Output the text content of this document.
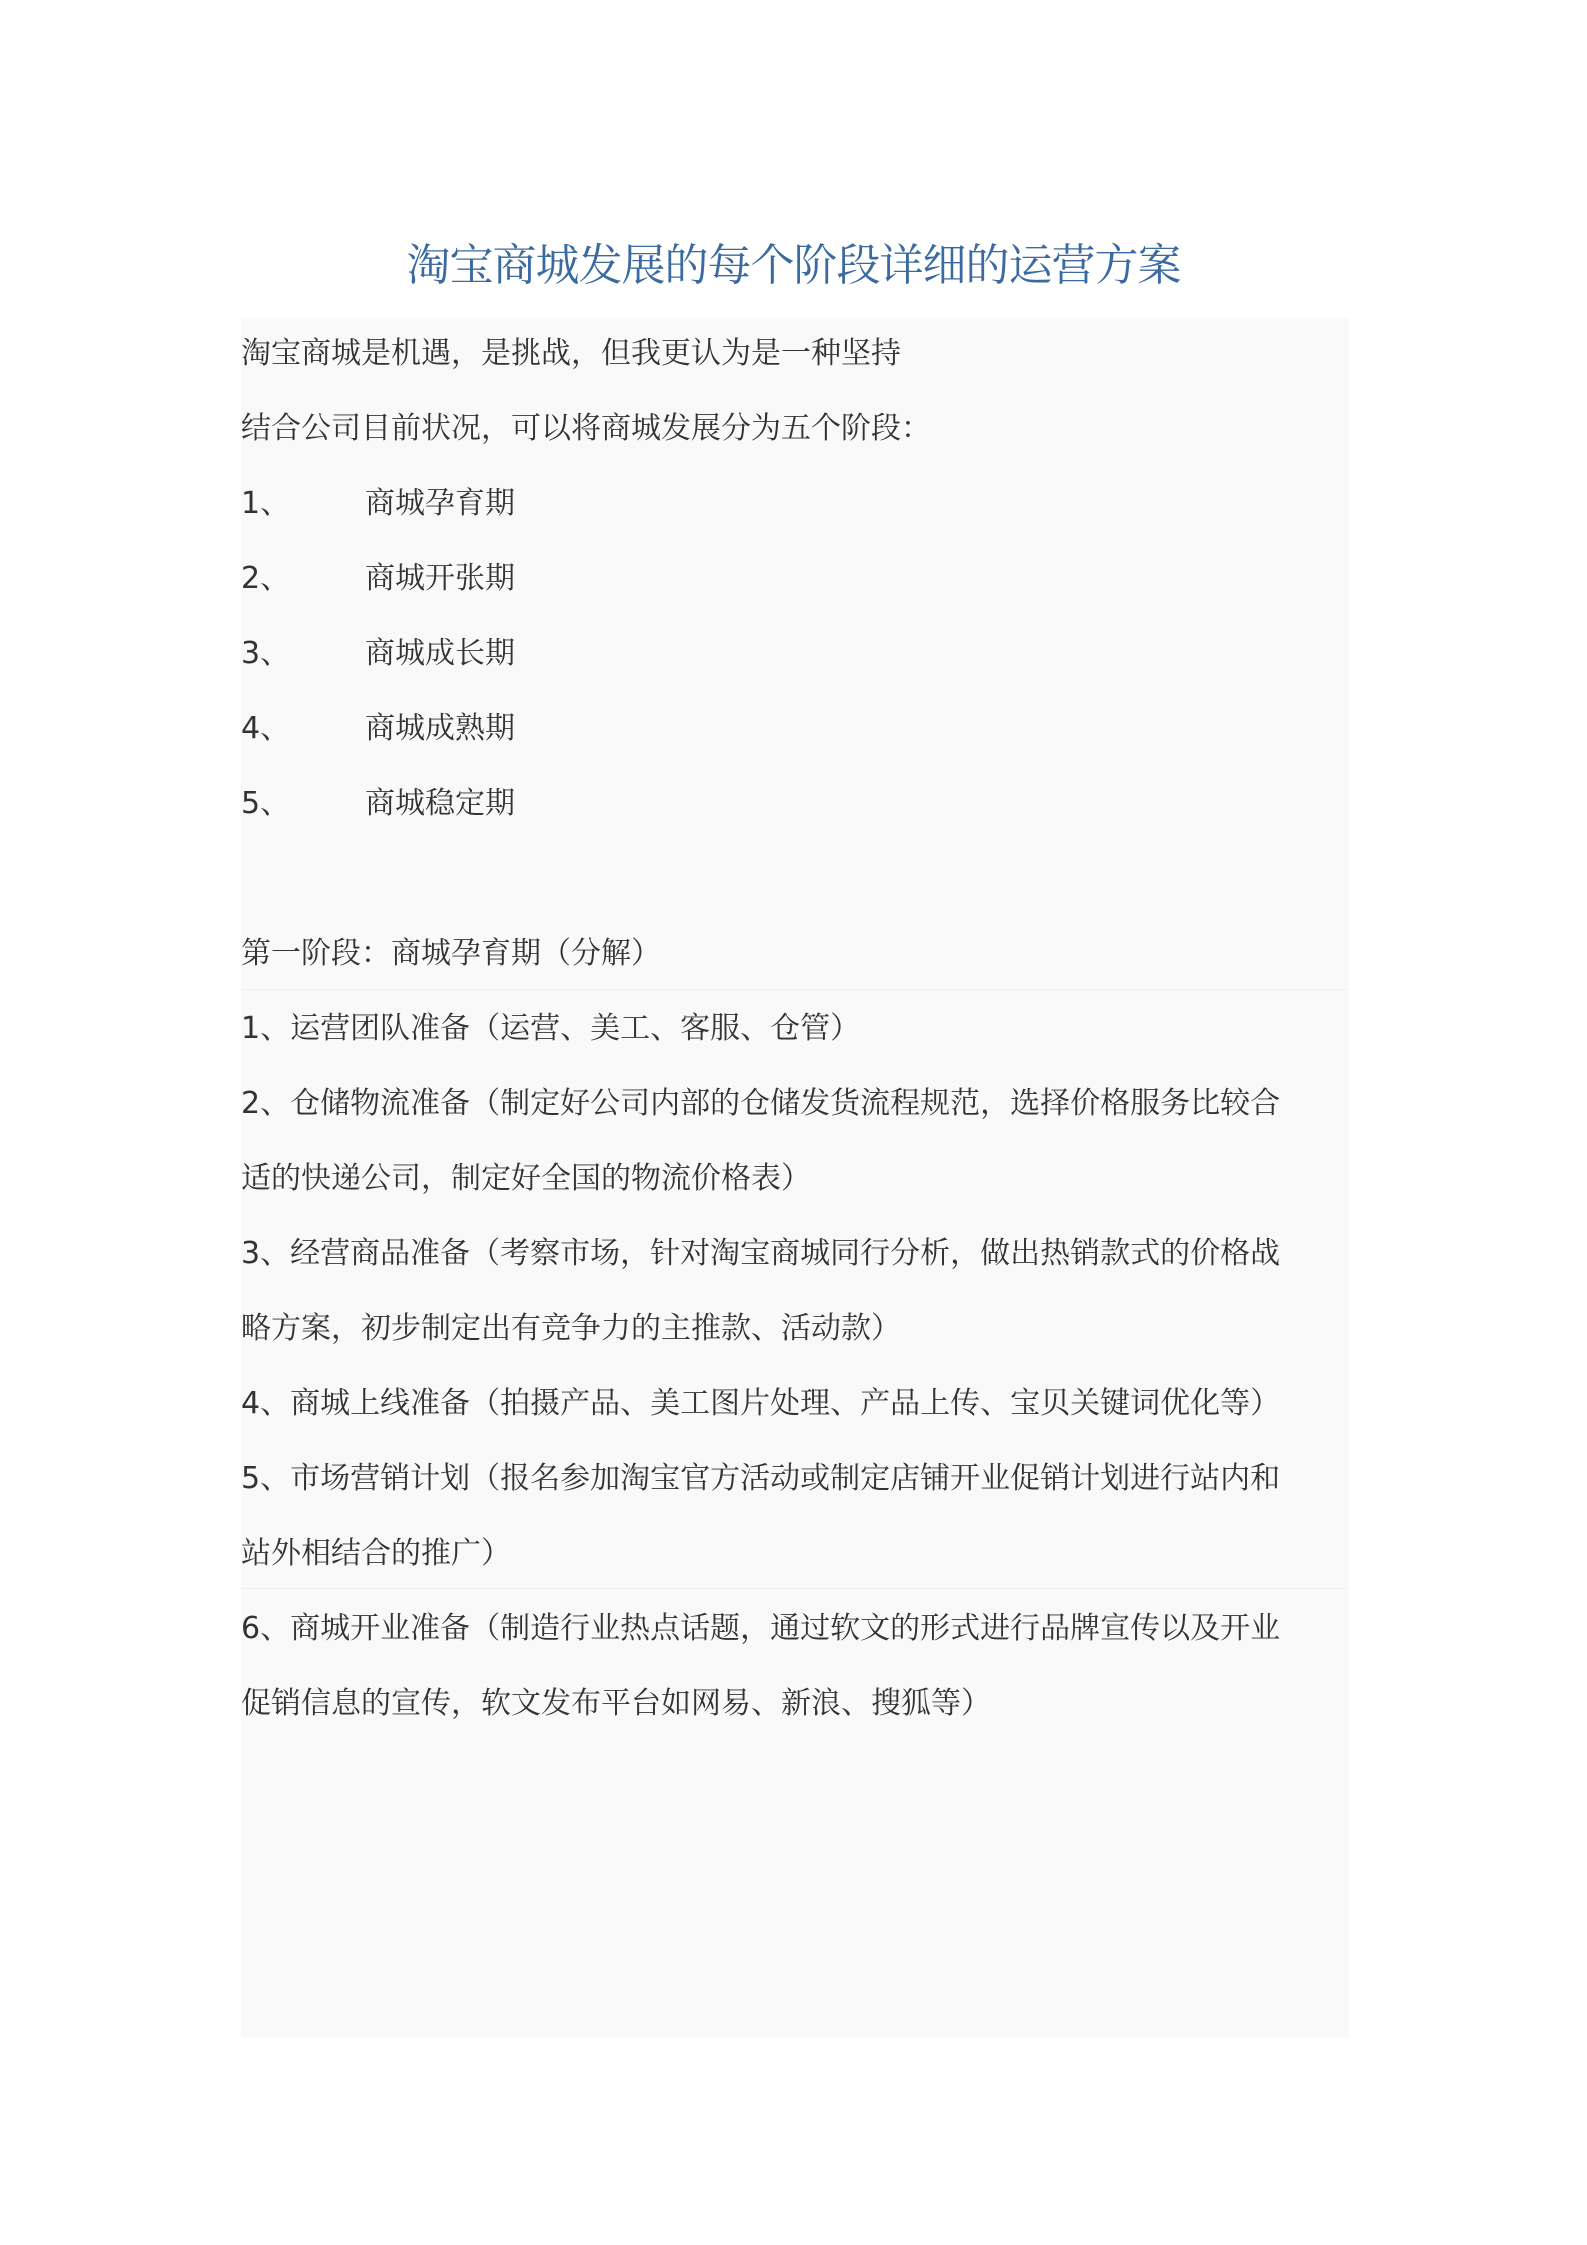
淘宝商城发展的每个阶段详细的运营方案
淘宝商城是机遇，是挑战，但我更认为是一种坚持
结合公司目前状况，可以将商城发展分为五个阶段：
1、 商城孕育期
2、 商城开张期
3、 商城成长期
4、 商城成熟期
5、 商城稳定期
第一阶段：商城孕育期（分解）
1、运营团队准备（运营、美工、客服、仓管）
2、仓储物流准备（制定好公司内部的仓储发货流程规范，选择价格服务比较合
适的快递公司，制定好全国的物流价格表）
3、经营商品准备（考察市场，针对淘宝商城同行分析，做出热销款式的价格战
略方案，初步制定出有竞争力的主推款、活动款）
4、商城上线准备（拍摄产品、美工图片处理、产品上传、宝贝关键词优化等）
5、市场营销计划（报名参加淘宝官方活动或制定店铺开业促销计划进行站内和
站外相结合的推广）
6、商城开业准备（制造行业热点话题，通过软文的形式进行品牌宣传以及开业
促销信息的宣传，软文发布平台如网易、新浪、搜狐等）
